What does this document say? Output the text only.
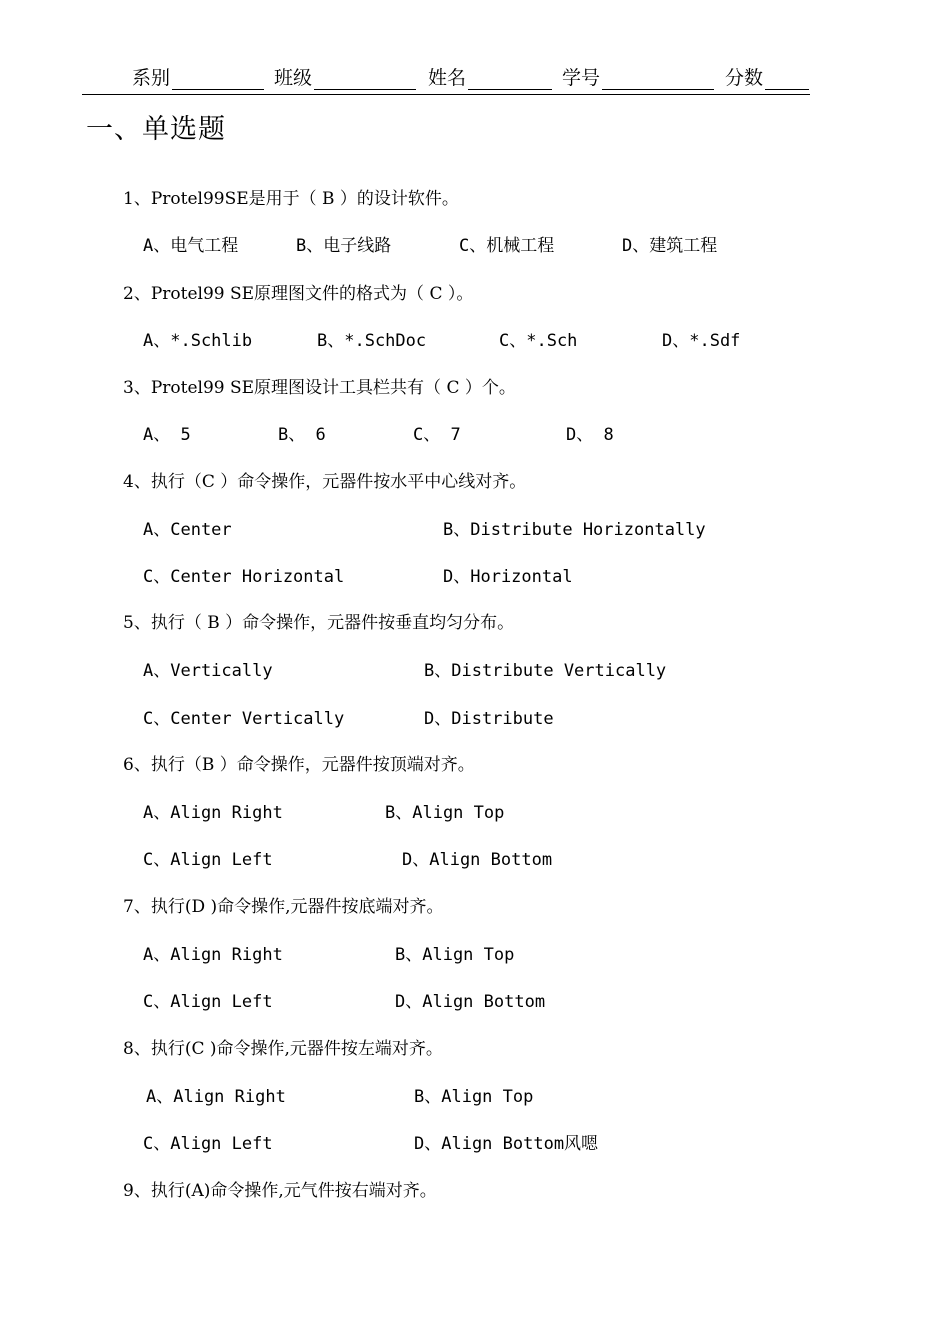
系别	班级	姓名	学号	分数
一、单选题
1、Protel99SE是用于（ B ）的设计软件。
A、电气工程	B、电子线路	C、机械工程	D、建筑工程
2、Protel99 SE原理图文件的格式为（ C ）。
A、*.Schlib	B、*.SchDoc	C、*.Sch	D、*.Sdf
3、Protel99 SE原理图设计工具栏共有（ C ）个。
A、 5	B、 6	C、 7	D、 8
4、执行（C ）命令操作，元器件按水平中心线对齐。
A、Center	B、Distribute Horizontally
C、Center Horizontal	D、Horizontal
5、执行（ B ）命令操作，元器件按垂直均匀分布。
A、Vertically	B、Distribute Vertically
C、Center Vertically	D、Distribute
6、执行（B ）命令操作，元器件按顶端对齐。
A、Align Right	B、Align Top
C、Align Left	D、Align Bottom
7、执行(D )命令操作,元器件按底端对齐。
A、Align Right	B、Align Top
C、Align Left	D、Align Bottom
8、执行(C )命令操作,元器件按左端对齐。
A、Align Right	B、Align Top
C、Align Left	D、Align Bottom风嗯
9、执行(A)命令操作,元气件按右端对齐。
